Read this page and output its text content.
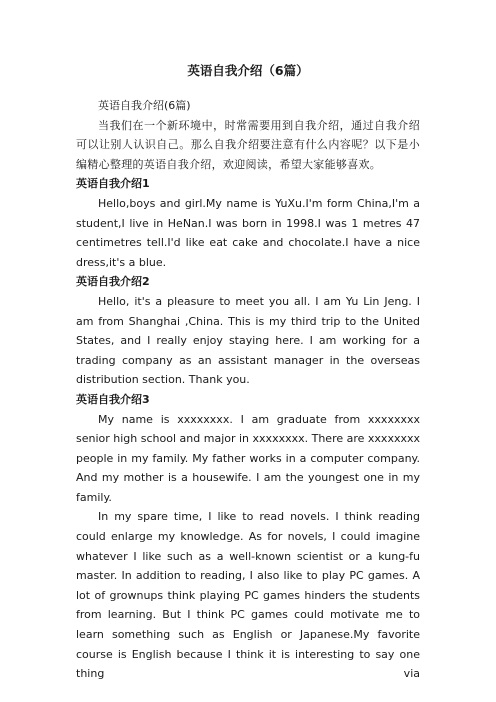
英语自我介绍（6篇）

英语自我介绍(6篇)

当我们在一个新环境中，时常需要用到自我介绍，通过自我介绍可以让别人认识自己。那么自我介绍要注意有什么内容呢？以下是小编精心整理的英语自我介绍，欢迎阅读，希望大家能够喜欢。

英语自我介绍1

Hello,boys and girl.My name is YuXu.I'm form China,I'm a student,I live in HeNan.I was born in 1998.I was 1 metres 47 centimetres tell.I'd like eat cake and chocolate.I have a nice dress,it's a blue.

英语自我介绍2

Hello, it's a pleasure to meet you all. I am Yu Lin Jeng. I am from Shanghai ,China. This is my third trip to the United States, and I really enjoy staying here. I am working for a trading company as an assistant manager in the overseas distribution section. Thank you.

英语自我介绍3

My name is xxxxxxxx. I am graduate from xxxxxxxx senior high school and major in xxxxxxxx. There are xxxxxxxx people in my family. My father works in a computer company. And my mother is a housewife. I am the youngest one in my family.

In my spare time, I like to read novels. I think reading could enlarge my knowledge. As for novels, I could imagine whatever I like such as a well-known scientist or a kung-fu master. In addition to reading, I also like to play PC games. A lot of grownups think playing PC games hinders the students from learning. But I think PC games could motivate me to learn something such as English or Japanese.My favorite course is English because I think it is interesting to say one thing via
